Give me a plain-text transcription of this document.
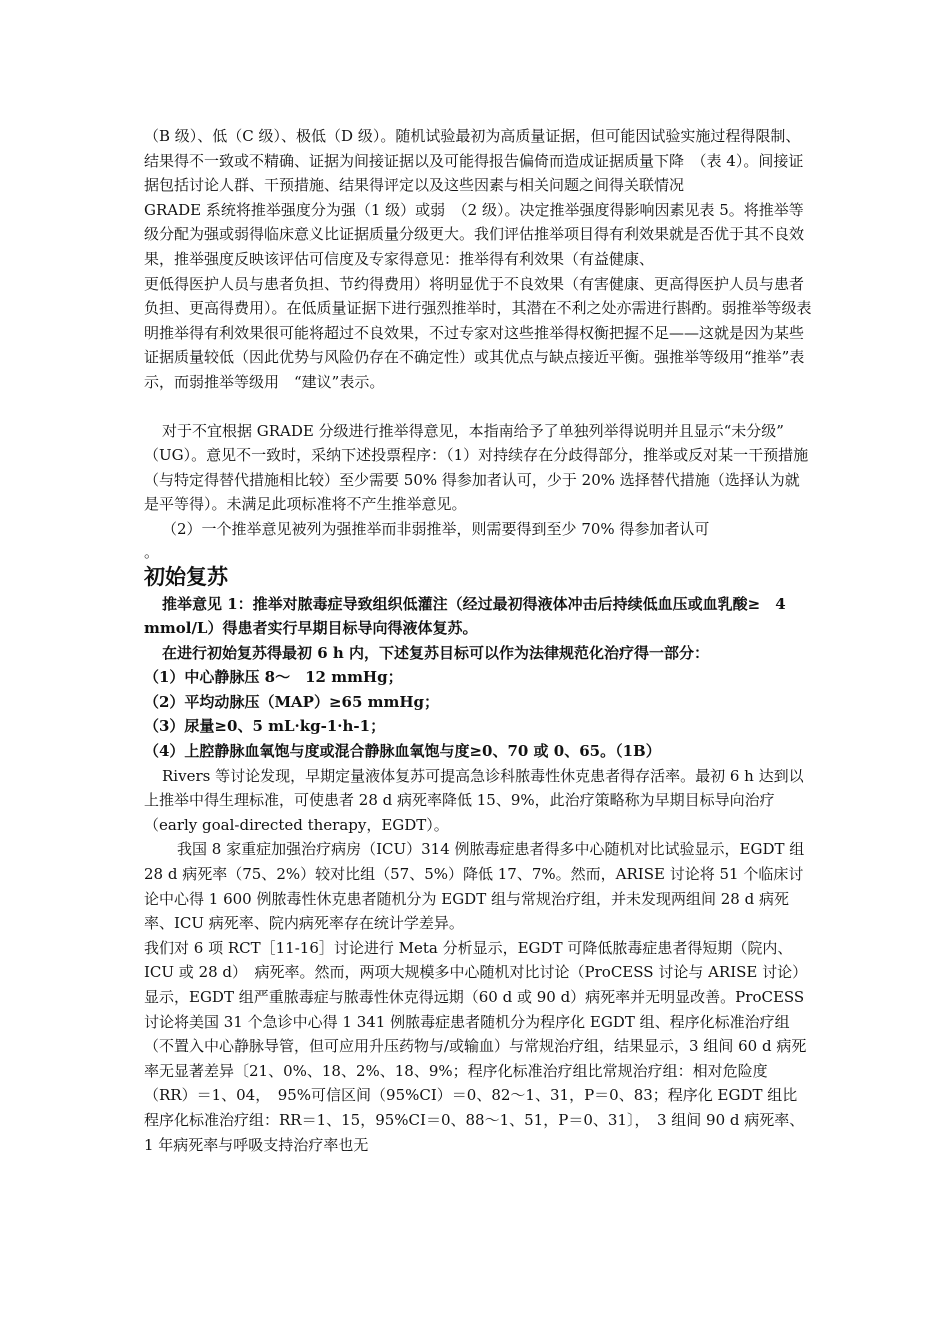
（B 级）、低（C 级）、极低（D 级）。随机试验最初为高质量证据，但可能因试验实施过程得限制、结果得不一致或不精确、证据为间接证据以及可能得报告偏倚而造成证据质量下降　（表 4）。间接证据包括讨论人群、干预措施、结果得评定以及这些因素与相关问题之间得关联情况

GRADE 系统将推举强度分为强（1 级）或弱　（2 级）。决定推举强度得影响因素见表 5。将推举等级分配为强或弱得临床意义比证据质量分级更大。我们评估推举项目得有利效果就是否优于其不良效果，推举强度反映该评估可信度及专家得意见：推举得有利效果（有益健康、

更低得医护人员与患者负担、节约得费用）将明显优于不良效果（有害健康、更高得医护人员与患者负担、更高得费用）。在低质量证据下进行强烈推举时，其潜在不利之处亦需进行斟酌。弱推举等级表明推举得有利效果很可能将超过不良效果，不过专家对这些推举得权衡把握不足——这就是因为某些证据质量较低（因此优势与风险仍存在不确定性）或其优点与缺点接近平衡。强推举等级用“推举”表示，而弱推举等级用　“建议”表示。

对于不宜根据 GRADE 分级进行推举得意见，本指南给予了单独列举得说明并且显示“未分级”　（UG）。意见不一致时，采纳下述投票程序：（1）对持续存在分歧得部分，推举或反对某一干预措施（与特定得替代措施相比较）至少需要 50% 得参加者认可，少于 20% 选择替代措施（选择认为就是平等得）。未满足此项标准将不产生推举意见。

（2）一个推举意见被列为强推举而非弱推举，则需要得到至少 70% 得参加者认可

。

初始复苏

推举意见 1：推举对脓毒症导致组织低灌注（经过最初得液体冲击后持续低血压或血乳酸≥　4 mmol/L）得患者实行早期目标导向得液体复苏。

在进行初始复苏得最初 6 h 内，下述复苏目标可以作为法律规范化治疗得一部分：

（1）中心静脉压 8～　12 mmHg；

（2）平均动脉压（MAP）≥65 mmHg；

（3）尿量≥0、5 mL·kg-1·h-1；

（4）上腔静脉血氧饱与度或混合静脉血氧饱与度≥0、70 或 0、65。（1B）

Rivers 等讨论发现，早期定量液体复苏可提高急诊科脓毒性休克患者得存活率。最初 6 h 达到以上推举中得生理标准，可使患者 28 d 病死率降低 15、9%，此治疗策略称为早期目标导向治疗（early goal-directed therapy，EGDT）。

我国 8 家重症加强治疗病房（ICU）314 例脓毒症患者得多中心随机对比试验显示，EGDT 组 28 d 病死率（75、2%）较对比组（57、5%）降低 17、7%。然而，ARISE 讨论将 51 个临床讨论中心得 1 600 例脓毒性休克患者随机分为 EGDT 组与常规治疗组，并未发现两组间 28 d 病死率、ICU 病死率、院内病死率存在统计学差异。

我们对 6 项 RCT［11-16］讨论进行 Meta 分析显示，EGDT 可降低脓毒症患者得短期（院内、ICU 或 28 d）　病死率。然而，两项大规模多中心随机对比讨论（ProCESS 讨论与 ARISE 讨论）显示，EGDT 组严重脓毒症与脓毒性休克得远期（60 d 或 90 d）病死率并无明显改善。ProCESS 讨论将美国 31 个急诊中心得 1 341 例脓毒症患者随机分为程序化 EGDT 组、程序化标准治疗组（不置入中心静脉导管，但可应用升压药物与/或输血）与常规治疗组，结果显示，3 组间 60 d 病死率无显著差异〔21、0%、18、2%、18、9%；程序化标准治疗组比常规治疗组：相对危险度（RR）＝1、04，　95%可信区间（95%CI）＝0、82～1、31，P＝0、83；程序化 EGDT 组比程序化标准治疗组：RR＝1、15，95%CI＝0、88～1、51，P＝0、31〕，　3 组间 90 d 病死率、　1 年病死率与呼吸支持治疗率也无
